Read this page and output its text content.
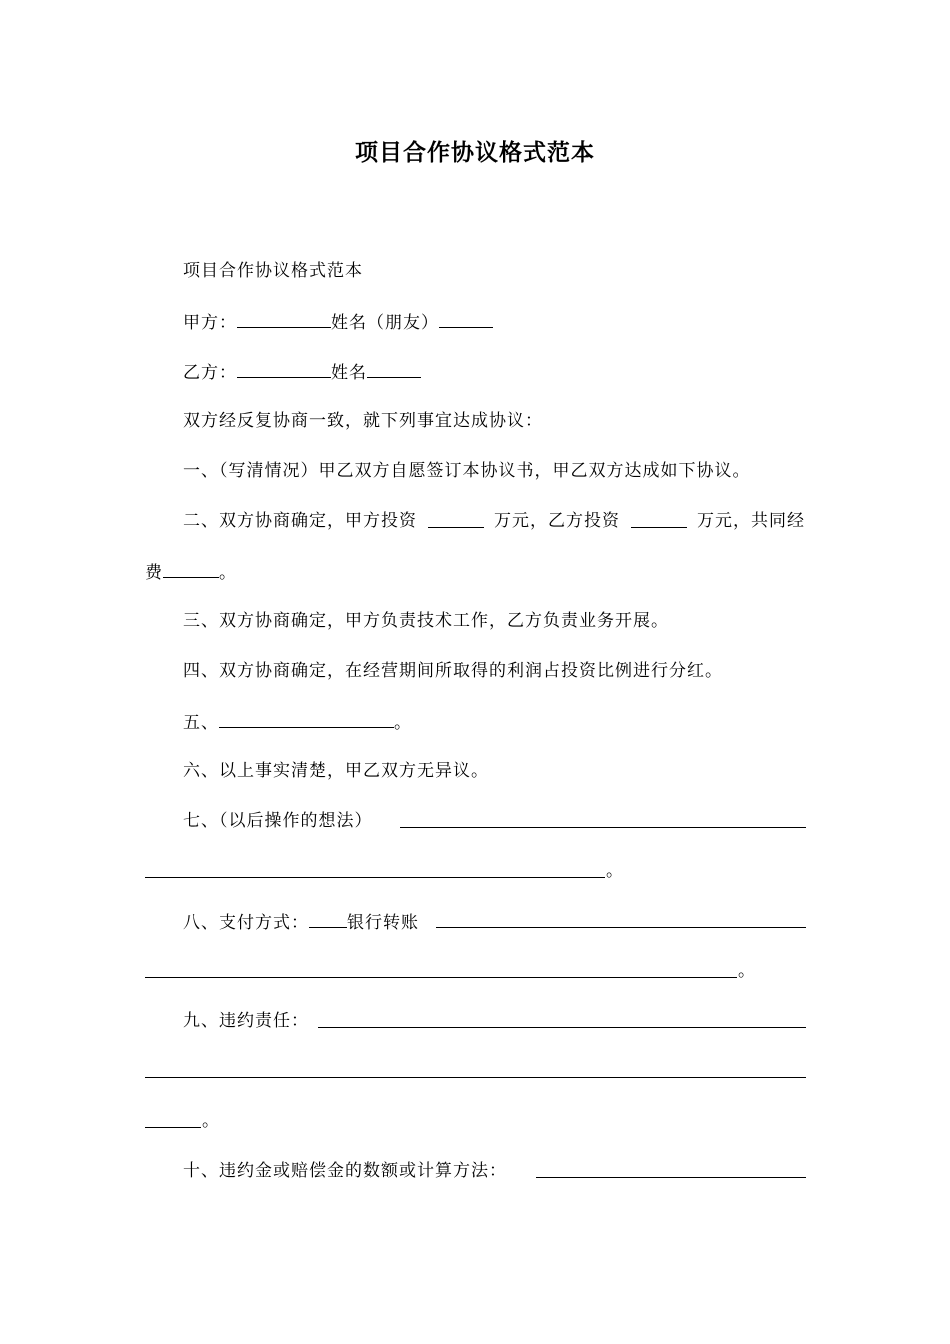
项目合作协议格式范本
项目合作协议格式范本
甲方：	姓名（朋友）
乙方：	姓名
双方经反复协商一致，就下列事宜达成协议：
一、（写清情况）甲乙双方自愿签订本协议书，甲乙双方达成如下协议。
二、双方协商确定，甲方投资	万元，乙方投资	万元，共同经
费	。
三、双方协商确定，甲方负责技术工作，乙方负责业务开展。
四、双方协商确定，在经营期间所取得的利润占投资比例进行分红。
五、	。
六、以上事实清楚，甲乙双方无异议。
七、（以后操作的想法）
。
八、支付方式： 银行转账
。
九、违约责任：
。
十、违约金或赔偿金的数额或计算方法：
